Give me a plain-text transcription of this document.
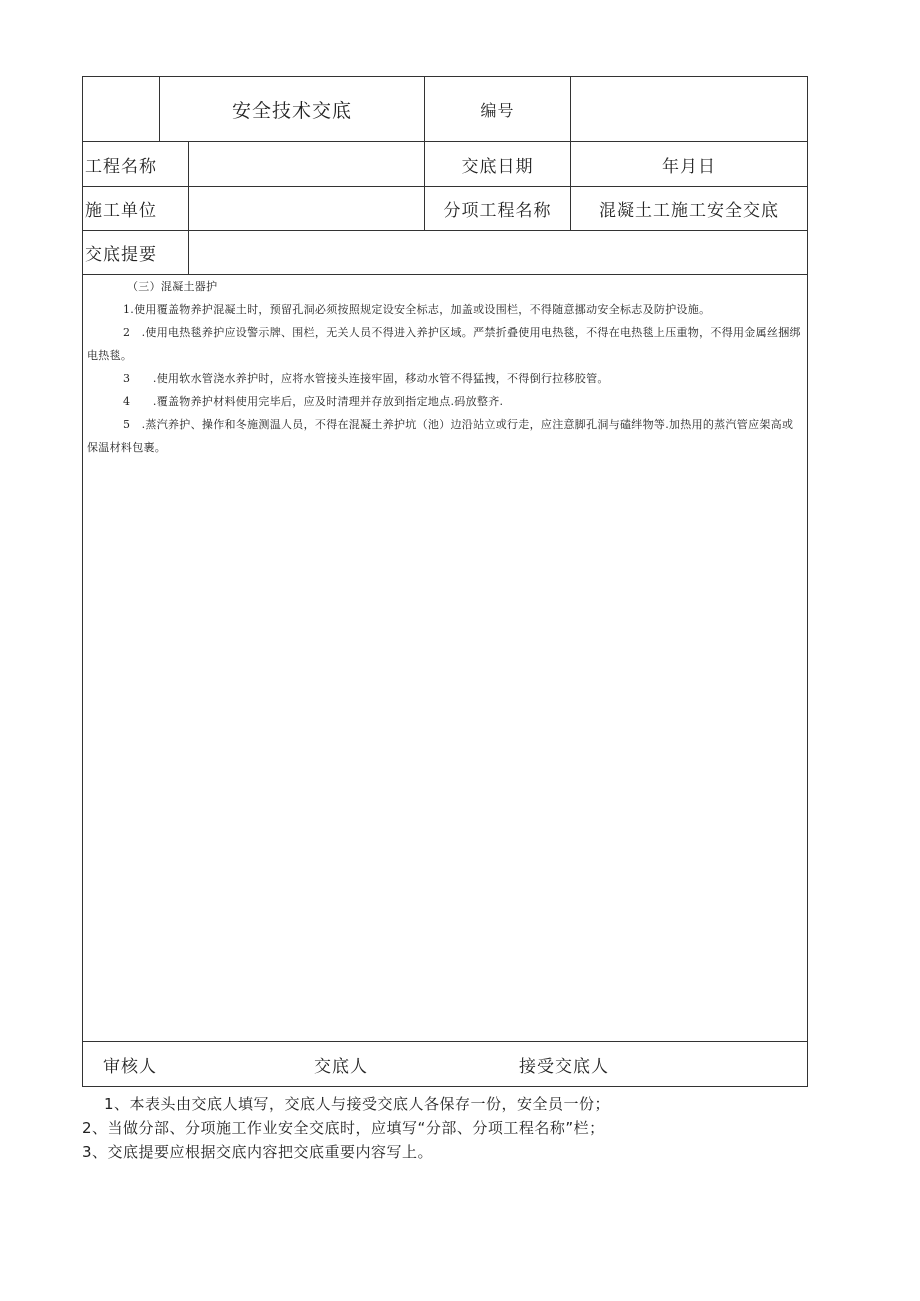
安全技术交底	编号
工程名称	交底日期	年月日
施工单位	分项工程名称	混凝土工施工安全交底
交底提要

（三）混凝土器护

1.使用覆盖物养护混凝土时，预留孔洞必须按照规定设安全标志，加盖或设围栏，不得随意挪动安全标志及防护设施。

2　.使用电热毯养护应设警示牌、围栏，无关人员不得进入养护区域。严禁折叠使用电热毯，不得在电热毯上压重物，不得用金属丝捆绑电热毯。

3　　.使用软水管浇水养护时，应将水管接头连接牢固，移动水管不得猛拽，不得倒行拉移胶管。

4　　.覆盖物养护材料使用完毕后，应及时清理并存放到指定地点.码放整齐.

5　.蒸汽养护、操作和冬施测温人员，不得在混凝土养护坑（池）边沿站立或行走，应注意脚孔洞与磕绊物等.加热用的蒸汽管应架高或保温材料包裹。

审核人	交底人	接受交底人

1、本表头由交底人填写，交底人与接受交底人各保存一份，安全员一份；

2、当做分部、分项施工作业安全交底时，应填写“分部、分项工程名称”栏；

3、交底提要应根据交底内容把交底重要内容写上。
